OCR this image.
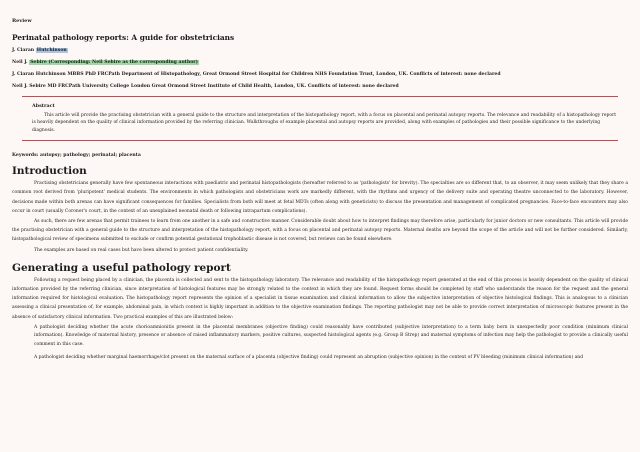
Review
Perinatal pathology reports: A guide for obstetricians
J. Ciaran Hutchinson
Neil J. Sebire (Corresponding: Neil Sebire as the corresponding author)
J. Ciaran Hutchinson MBBS PhD FRCPath Department of Histopathology, Great Ormond Street Hospital for Children NHS Foundation Trust, London, UK. Conflicts of interest: none declared
Neil J. Sebire MD FRCPath University College London Great Ormond Street Institute of Child Health, London, UK. Conflicts of interest: none declared
Abstract
This article will provide the practising obstetrician with a general guide to the structure and interpretation of the histopathology report, with a focus on placental and perinatal autopsy reports. The relevance and readability of a histopathology report is heavily dependent on the quality of clinical information provided by the referring clinician. Walkthroughs of example placental and autopsy reports are provided, along with examples of pathologies and their possible significance to the underlying diagnosis.
Keywords: autopsy; pathology; perinatal; placenta
Introduction

Practising obstetricians generally have few spontaneous interactions with paediatric and perinatal histopathologists (hereafter referred to as 'pathologists' for brevity). The specialties are so different that, to an observer, it may seem unlikely that they share a common root derived from 'pluripotent' medical students. The environments in which pathologists and obstetricians work are markedly different, with the rhythms and urgency of the delivery suite and operating theatre unconnected to the laboratory. However, decisions made within both arenas can have significant consequences for families. Specialists from both will meet at fetal MDTs (often along with geneticists) to discuss the presentation and management of complicated pregnancies. Face-to-face encounters may also occur in court (usually Coroner's court, in the context of an unexplained neonatal death or following intrapartum complications).

As such, there are few arenas that permit trainees to learn from one another in a safe and constructive manner. Considerable doubt about how to interpret findings may therefore arise, particularly for junior doctors or new consultants. This article will provide the practising obstetrician with a general guide to the structure and interpretation of the histopathology report, with a focus on placental and perinatal autopsy reports. Maternal deaths are beyond the scope of the article and will not be further considered. Similarly, histopathological review of specimens submitted to exclude or confirm potential gestational trophoblastic disease is not covered, but reviews can be found elsewhere.

The examples are based on real cases but have been altered to protect patient confidentiality.

Generating a useful pathology report

Following a request being placed by a clinician, the placenta is collected and sent to the histopathology laboratory. The relevance and readability of the histopathology report generated at the end of this process is heavily dependent on the quality of clinical information provided by the referring clinician, since interpretation of histological features may be strongly related to the context in which they are found. Request forms should be completed by staff who understands the reason for the request and the general information required for histological evaluation. The histopathology report represents the opinion of a specialist in tissue examination and clinical information to allow the subjective interpretation of objective histological findings. This is analogous to a clinician assessing a clinical presentation of, for example, abdominal pain, in which context is highly important in addition to the objective examination findings. The reporting pathologist may not be able to provide correct interpretation of microscopic features present in the absence of satisfactory clinical information. Two practical examples of this are illustrated below:

A pathologist deciding whether the acute chorioamnionitis present in the placental membranes (objective finding) could reasonably have contributed (subjective interpretation) to a term baby born in unexpectedly poor condition (minimum clinical information). Knowledge of maternal history, presence or absence of raised inflammatory markers, positive cultures, suspected histological agents (e.g. Group B Strep) and maternal symptoms of infection may help the pathologist to provide a clinically useful comment in this case.
A pathologist deciding whether marginal haemorrhage/clot present on the maternal surface of a placenta (objective finding) could represent an abruption (subjective opinion) in the context of PV bleeding (minimum clinical information) and
